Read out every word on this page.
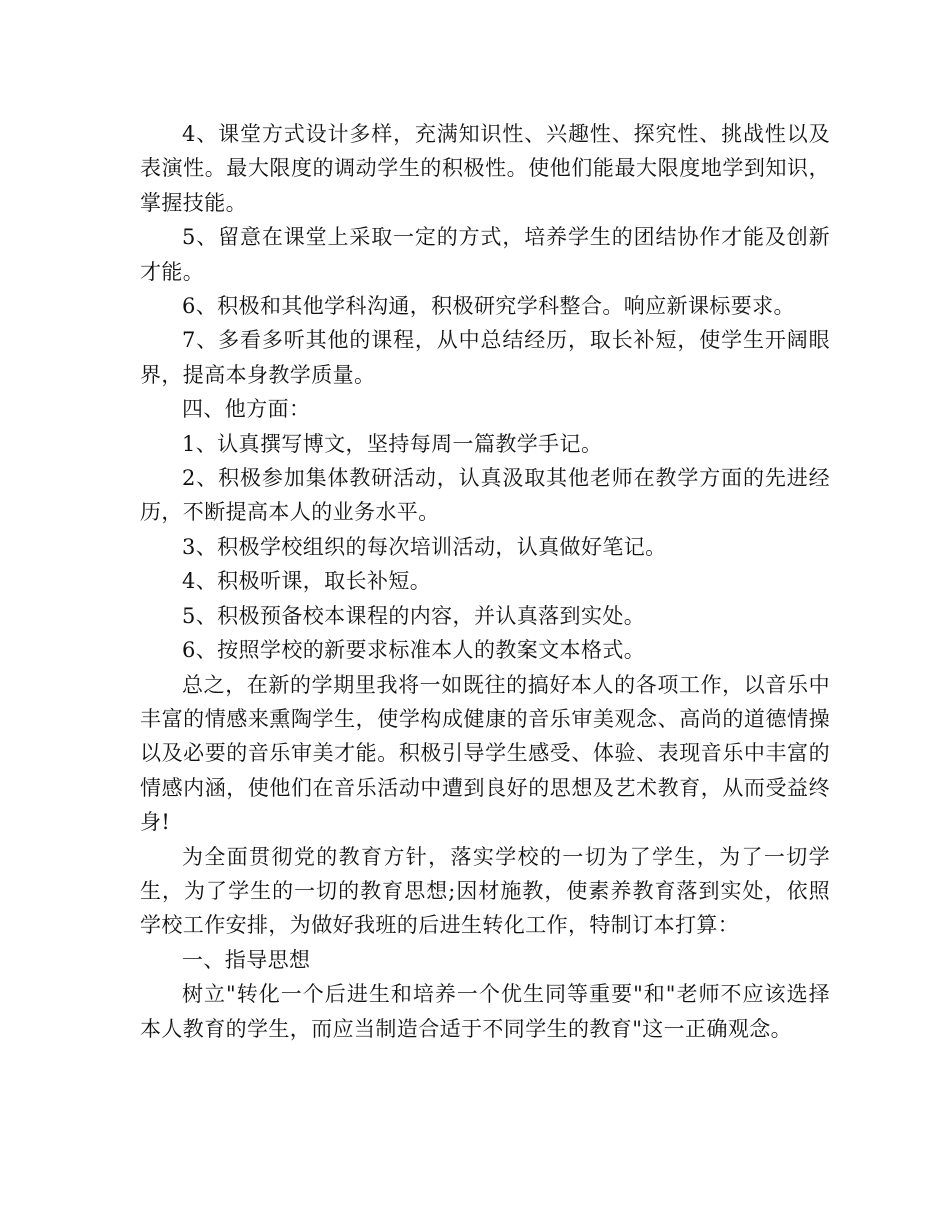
4、课堂方式设计多样，充满知识性、兴趣性、探究性、挑战性以及表演性。最大限度的调动学生的积极性。使他们能最大限度地学到知识，掌握技能。

5、留意在课堂上采取一定的方式，培养学生的团结协作才能及创新才能。

6、积极和其他学科沟通，积极研究学科整合。响应新课标要求。

7、多看多听其他的课程，从中总结经历，取长补短，使学生开阔眼界，提高本身教学质量。

四、他方面：

1、认真撰写博文，坚持每周一篇教学手记。

2、积极参加集体教研活动，认真汲取其他老师在教学方面的先进经历，不断提高本人的业务水平。

3、积极学校组织的每次培训活动，认真做好笔记。

4、积极听课，取长补短。

5、积极预备校本课程的内容，并认真落到实处。

6、按照学校的新要求标准本人的教案文本格式。

总之，在新的学期里我将一如既往的搞好本人的各项工作，以音乐中丰富的情感来熏陶学生，使学构成健康的音乐审美观念、高尚的道德情操以及必要的音乐审美才能。积极引导学生感受、体验、表现音乐中丰富的情感内涵，使他们在音乐活动中遭到良好的思想及艺术教育，从而受益终身!

为全面贯彻党的教育方针，落实学校的一切为了学生，为了一切学生，为了学生的一切的教育思想;因材施教，使素养教育落到实处，依照学校工作安排，为做好我班的后进生转化工作，特制订本打算：

一、指导思想

树立"转化一个后进生和培养一个优生同等重要"和"老师不应该选择本人教育的学生，而应当制造合适于不同学生的教育"这一正确观念。
